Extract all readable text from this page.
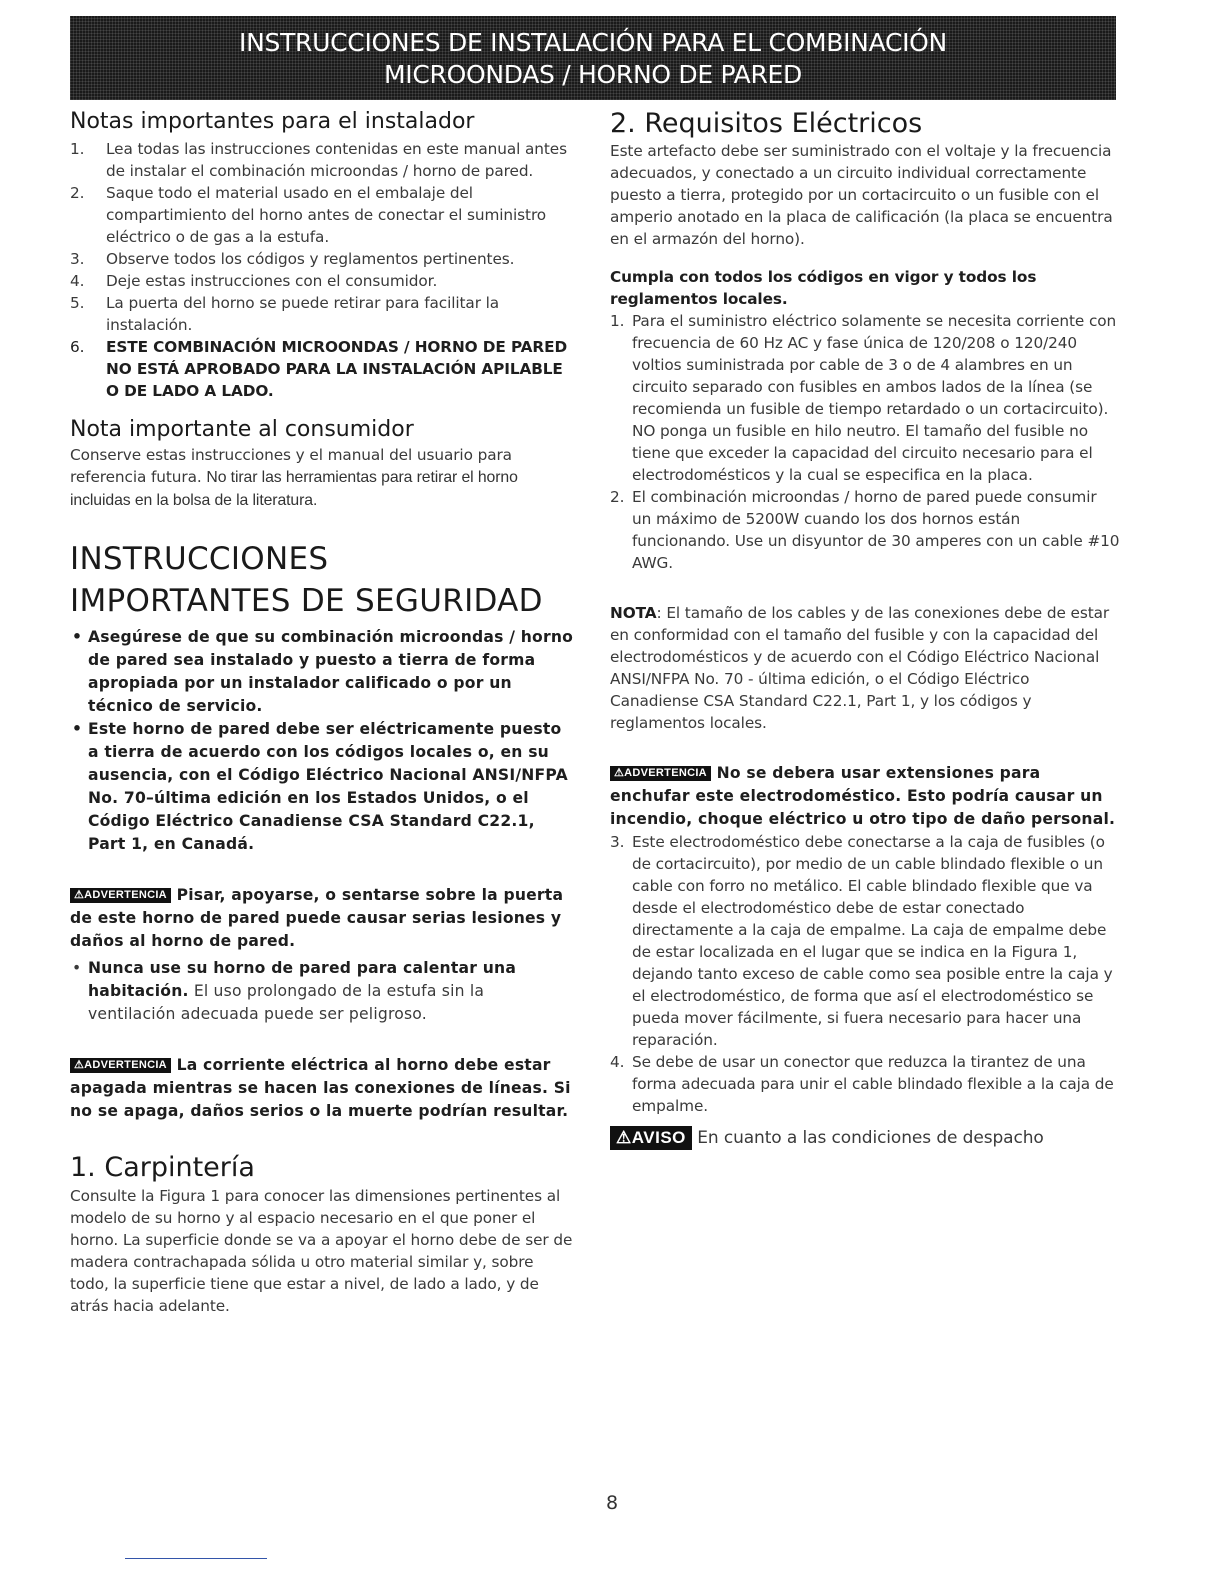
INSTRUCCIONES DE INSTALACIÓN PARA EL COMBINACIÓN
MICROONDAS / HORNO DE PARED
Notas importantes para el instalador
1. Lea todas las instrucciones contenidas en este manual antes de instalar el combinación microondas / horno de pared.
2. Saque todo el material usado en el embalaje del compartimiento del horno antes de conectar el suministro eléctrico o de gas a la estufa.
3. Observe todos los códigos y reglamentos pertinentes.
4. Deje estas instrucciones con el consumidor.
5. La puerta del horno se puede retirar para facilitar la instalación.
6. ESTE COMBINACIÓN MICROONDAS / HORNO DE PARED NO ESTÁ APROBADO PARA LA INSTALACIÓN APILABLE O DE LADO A LADO.
Nota importante al consumidor
Conserve estas instrucciones y el manual del usuario para referencia futura. No tirar las herramientas para retirar el horno incluidas en la bolsa de la literatura.
INSTRUCCIONES
IMPORTANTES DE SEGURIDAD
• Asegúrese de que su combinación microondas / horno de pared sea instalado y puesto a tierra de forma apropiada por un instalador calificado o por un técnico de servicio.
• Este horno de pared debe ser eléctricamente puesto a tierra de acuerdo con los códigos locales o, en su ausencia, con el Código Eléctrico Nacional ANSI/NFPA No. 70–última edición en los Estados Unidos, o el Código Eléctrico Canadiense CSA Standard C22.1, Part 1, en Canadá.
⚠ADVERTENCIA Pisar, apoyarse, o sentarse sobre la puerta de este horno de pared puede causar serias lesiones y daños al horno de pared.
• Nunca use su horno de pared para calentar una habitación. El uso prolongado de la estufa sin la ventilación adecuada puede ser peligroso.
⚠ADVERTENCIA La corriente eléctrica al horno debe estar apagada mientras se hacen las conexiones de líneas. Si no se apaga, daños serios o la muerte podrían resultar.
1. Carpintería
Consulte la Figura 1 para conocer las dimensiones pertinentes al modelo de su horno y al espacio necesario en el que poner el horno. La superficie donde se va a apoyar el horno debe de ser de madera contrachapada sólida u otro material similar y, sobre todo, la superficie tiene que estar a nivel, de lado a lado, y de atrás hacia adelante.
2. Requisitos Eléctricos
Este artefacto debe ser suministrado con el voltaje y la frecuencia adecuados, y conectado a un circuito individual correctamente puesto a tierra, protegido por un cortacircuito o un fusible con el amperio anotado en la placa de calificación (la placa se encuentra en el armazón del horno).
Cumpla con todos los códigos en vigor y todos los reglamentos locales.
1. Para el suministro eléctrico solamente se necesita corriente con frecuencia de 60 Hz AC y fase única de 120/208 o 120/240 voltios suministrada por cable de 3 o de 4 alambres en un circuito separado con fusibles en ambos lados de la línea (se recomienda un fusible de tiempo retardado o un cortacircuito). NO ponga un fusible en hilo neutro. El tamaño del fusible no tiene que exceder la capacidad del circuito necesario para el electrodomésticos y la cual se especifica en la placa.
2. El combinación microondas / horno de pared puede consumir un máximo de 5200W cuando los dos hornos están funcionando. Use un disyuntor de 30 amperes con un cable #10 AWG.
NOTA: El tamaño de los cables y de las conexiones debe de estar en conformidad con el tamaño del fusible y con la capacidad del electrodomésticos y de acuerdo con el Código Eléctrico Nacional ANSI/NFPA No. 70 - última edición, o el Código Eléctrico Canadiense CSA Standard C22.1, Part 1, y los códigos y reglamentos locales.
⚠ADVERTENCIA No se debera usar extensiones para enchufar este electrodoméstico. Esto podría causar un incendio, choque eléctrico u otro tipo de daño personal.
3. Este electrodoméstico debe conectarse a la caja de fusibles (o de cortacircuito), por medio de un cable blindado flexible o un cable con forro no metálico. El cable blindado flexible que va desde el electrodoméstico debe de estar conectado directamente a la caja de empalme. La caja de empalme debe de estar localizada en el lugar que se indica en la Figura 1, dejando tanto exceso de cable como sea posible entre la caja y el electrodoméstico, de forma que así el electrodoméstico se pueda mover fácilmente, si fuera necesario para hacer una reparación.
4. Se debe de usar un conector que reduzca la tirantez de una forma adecuada para unir el cable blindado flexible a la caja de empalme.
⚠AVISO En cuanto a las condiciones de despacho
8
